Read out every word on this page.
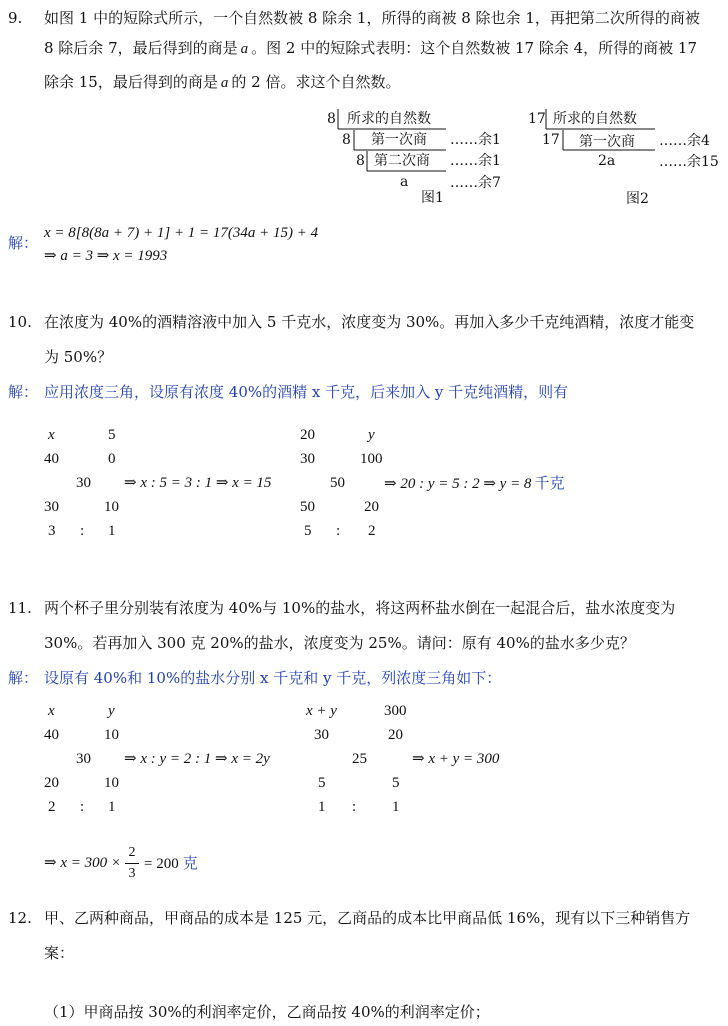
9. 如图 1 中的短除式所示，一个自然数被 8 除余 1，所得的商被 8 除也余 1，再把第二次所得的商被
8 除后余 7，最后得到的商是 a 。图 2 中的短除式表明：这个自然数被 17 除余 4，所得的商被 17
除余 15，最后得到的商是 a 的 2 倍。求这个自然数。
8 所求的自然数
8 第一次商 ……余1
8 第二次商 ……余1
a	……余7
图1
17 所求的自然数
17 第一次商 ……余4
2a	……余15
图2
解：
x = 8[8(8a + 7) + 1] + 1 = 17(34a + 15) + 4
⇒ a = 3 ⇒ x = 1993
10. 在浓度为 40%的酒精溶液中加入 5 千克水，浓度变为 30%。再加入多少千克纯酒精，浓度才能变
为 50%？
解： 应用浓度三角，设原有浓度 40%的酒精 x 千克，后来加入 y 千克纯酒精，则有
x	5
40	0
30 ⇒ x : 5 = 3 : 1 ⇒ x = 15
30	10
3 : 1
20	y
30	100
50	⇒ 20 : y = 5 : 2 ⇒ y = 8 千克
50	20
5 : 2
11. 两个杯子里分别装有浓度为 40%与 10%的盐水，将这两杯盐水倒在一起混合后，盐水浓度变为
30%。若再加入 300 克 20%的盐水，浓度变为 25%。请问：原有 40%的盐水多少克？
解： 设原有 40%和 10%的盐水分别 x 千克和 y 千克，列浓度三角如下：
x	y
40	10
30 ⇒ x : y = 2 : 1 ⇒ x = 2y
20	10
2 : 1
x + y	300
30	20
25	⇒ x + y = 300
5	5
1 : 1
⇒ x = 300 ×
2
3
= 200 克
12. 甲、乙两种商品，甲商品的成本是 125 元，乙商品的成本比甲商品低 16%，现有以下三种销售方
案：
（1）甲商品按 30%的利润率定价，乙商品按 40%的利润率定价；
